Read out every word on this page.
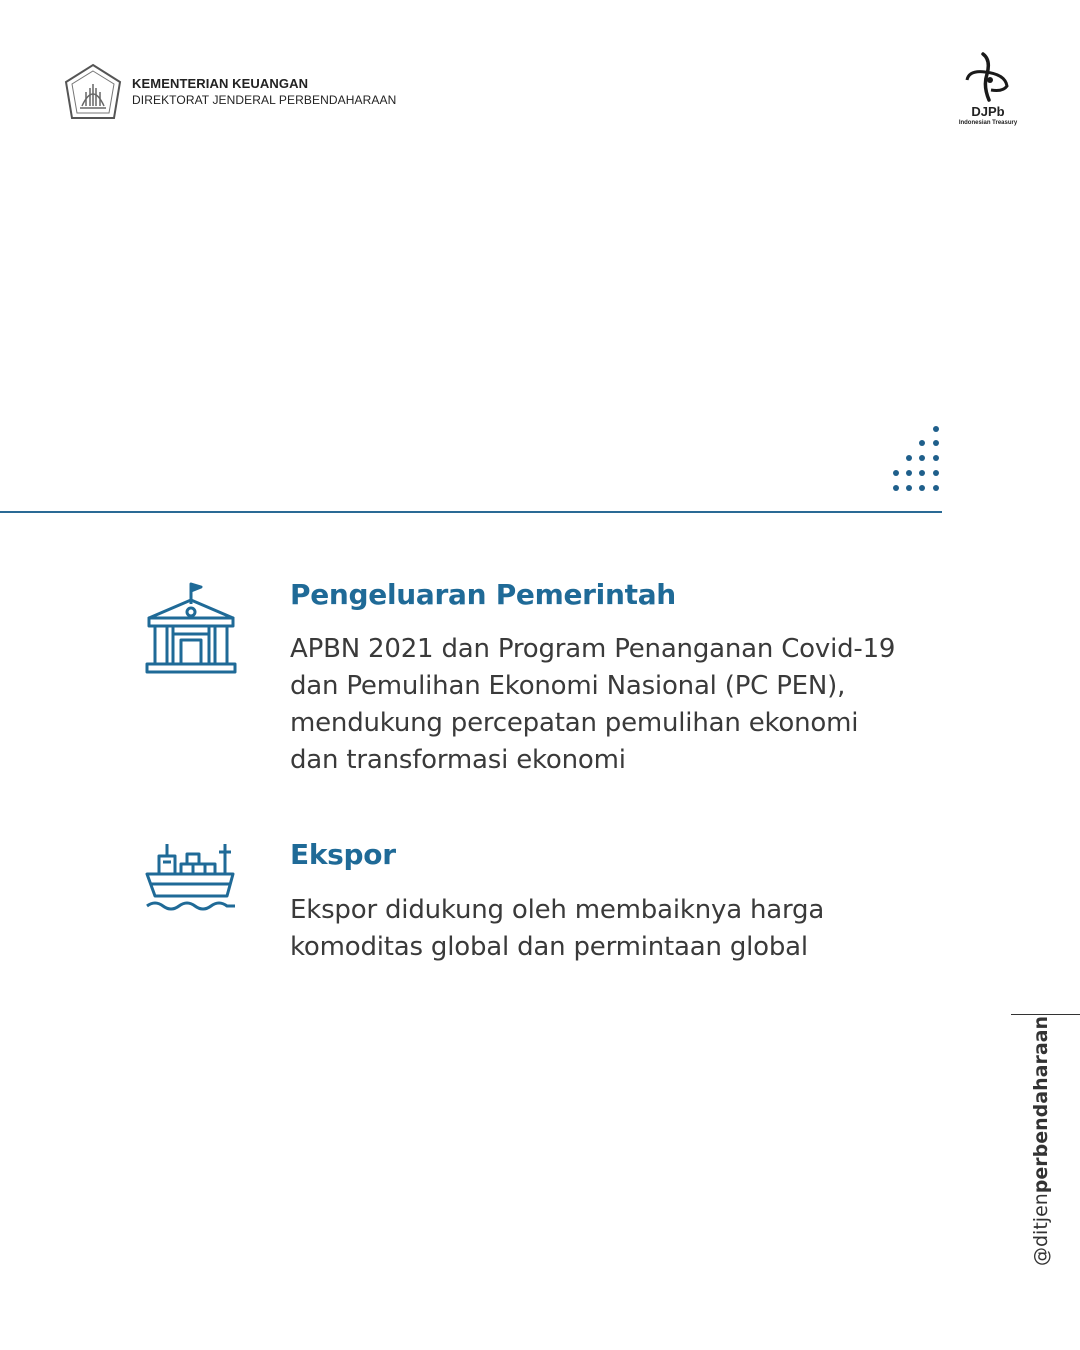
KEMENTERIAN KEUANGAN
DIREKTORAT JENDERAL PERBENDAHARAAN
DJPb
Indonesian Treasury
Pengeluaran Pemerintah
APBN 2021 dan Program Penanganan Covid-19
dan Pemulihan Ekonomi Nasional (PC PEN),
mendukung percepatan pemulihan ekonomi
dan transformasi ekonomi
Ekspor
Ekspor didukung oleh membaiknya harga
komoditas global dan permintaan global
@ditjenperbendaharaan
